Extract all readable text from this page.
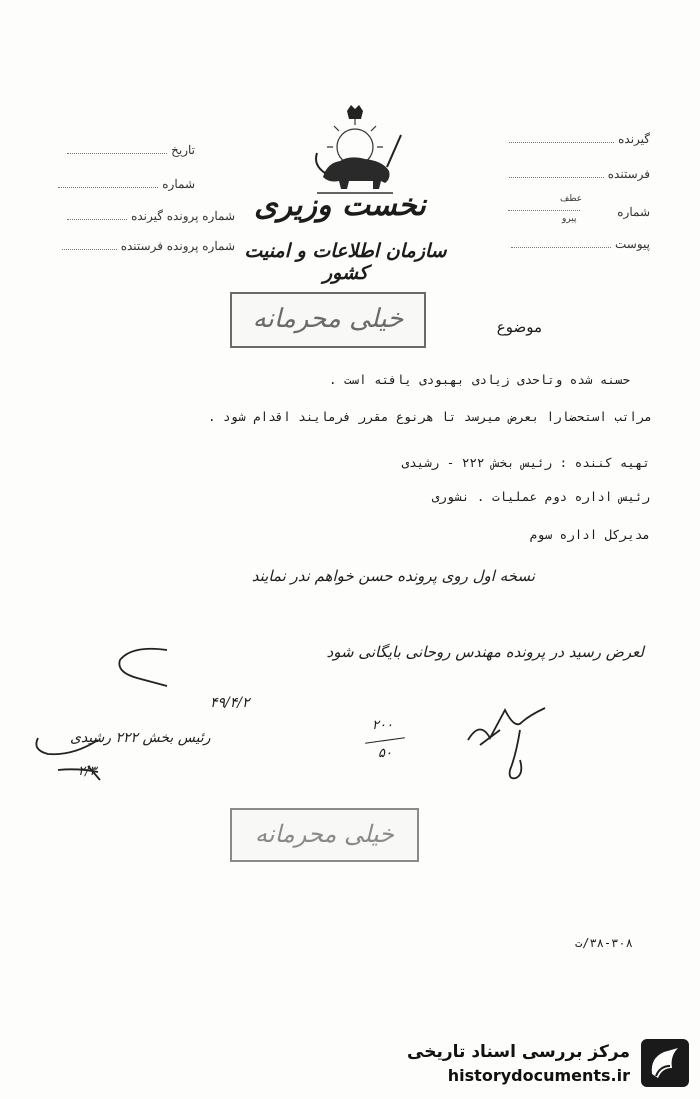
تاریخ
شماره
شماره پرونده گیرنده
شماره پرونده فرستنده
گیرنده
فرستنده
شماره
عطف
پیرو
پیوست
نخست وزیری
سازمان اطلاعات و امنیت کشور
موضوع
خیلی محرمانه
حسنه شده وتاحدی زیادی بهبودی یافته است .
مراتب استحضارا بعرض میرسد تا هرنوع مقرر فرمایند اقدام شود .
تهیه کننده : رئیس بخش ۲۲۲ - رشیدی
رئیس اداره دوم عملیات . نشوری
مدیرکل اداره سوم
نسخه اول روی پرونده حسن خواهم ندر نمایند
لعرض رسید در پرونده مهندس روحانی بایگانی شود
۴۹/۴/۲
رئیس بخش ۲۲۲ رشیدی
۲/۳
۲۰۰
۵۰
خیلی محرمانه
۳۸-۳۰۸/ت
مرکز بررسی اسناد تاریخی
historydocuments.ir
